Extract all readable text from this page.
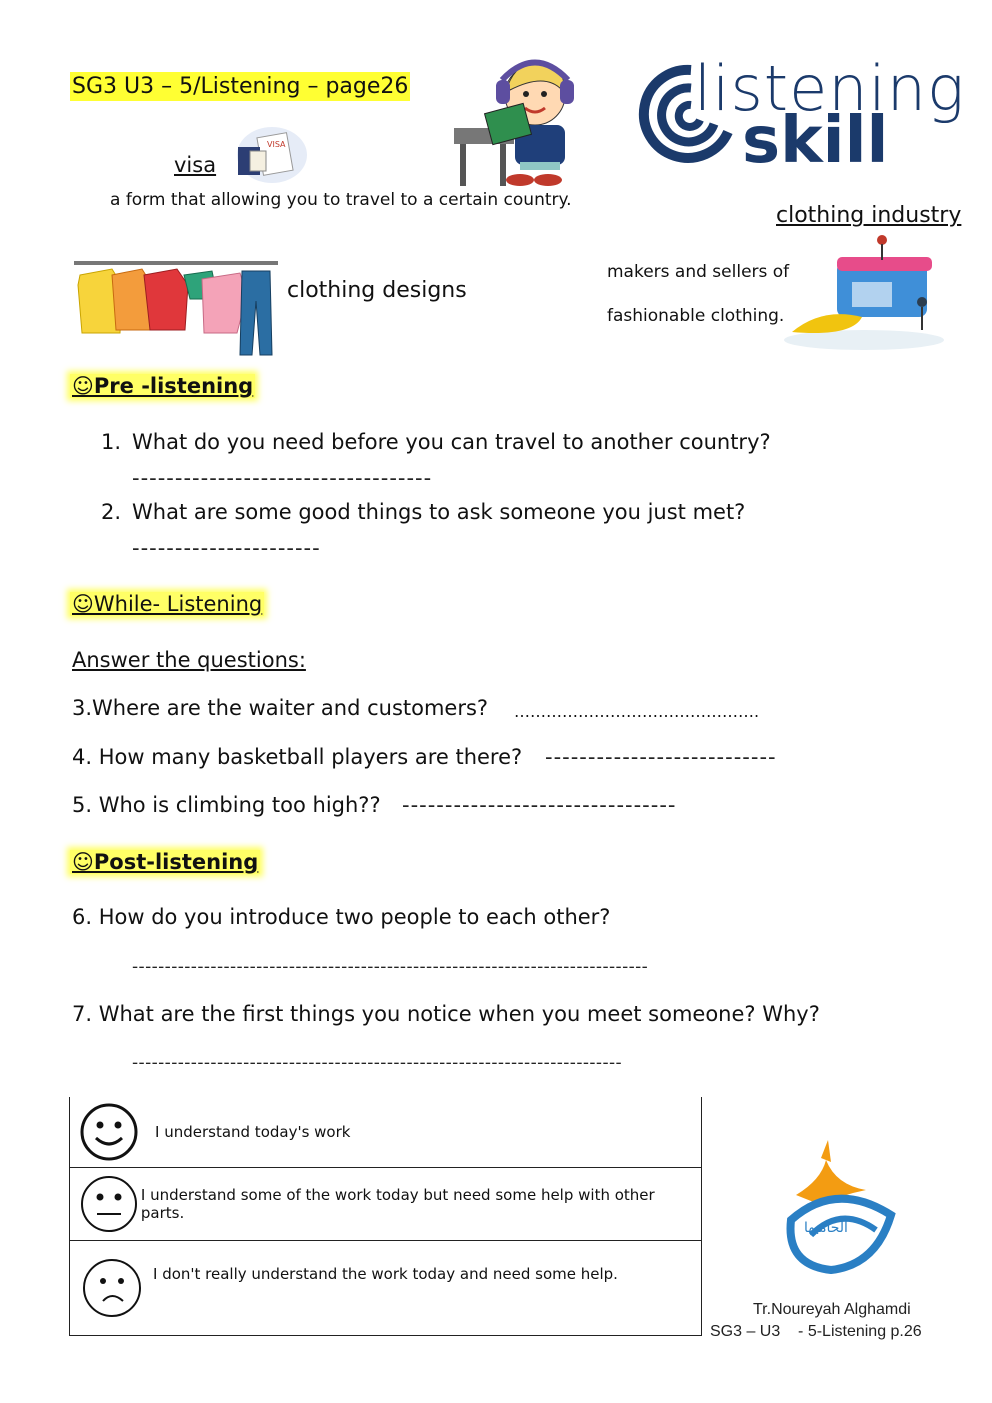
SG3 U3 – 5/Listening – page26	listening
skill
visa
VISA
a form that allowing you to travel to a certain country.
clothing industry
makers and sellers of
fashionable clothing.
clothing designs
☺Pre -listening
1. What do you need before you can travel to another country?
-----------------------------------
2. What are some good things to ask someone you just met?
----------------------
☺While- Listening
Answer the questions:
3.Where are the waiter and customers? ……………………………………….
4. How many basketball players are there? ---------------------------
5. Who is climbing too high?? --------------------------------
☺Post-listening
6. How do you introduce two people to each other?
-------------------------------------------------------------------------------
7. What are the first things you notice when you meet someone? Why?
---------------------------------------------------------------------------
I understand today's work

I understand some of the work today but need some help with other parts.

I don't really understand the work today and need some help.
الحاميها
Tr.Noureyah Alghamdi
SG3 – U3    - 5-Listening p.26
